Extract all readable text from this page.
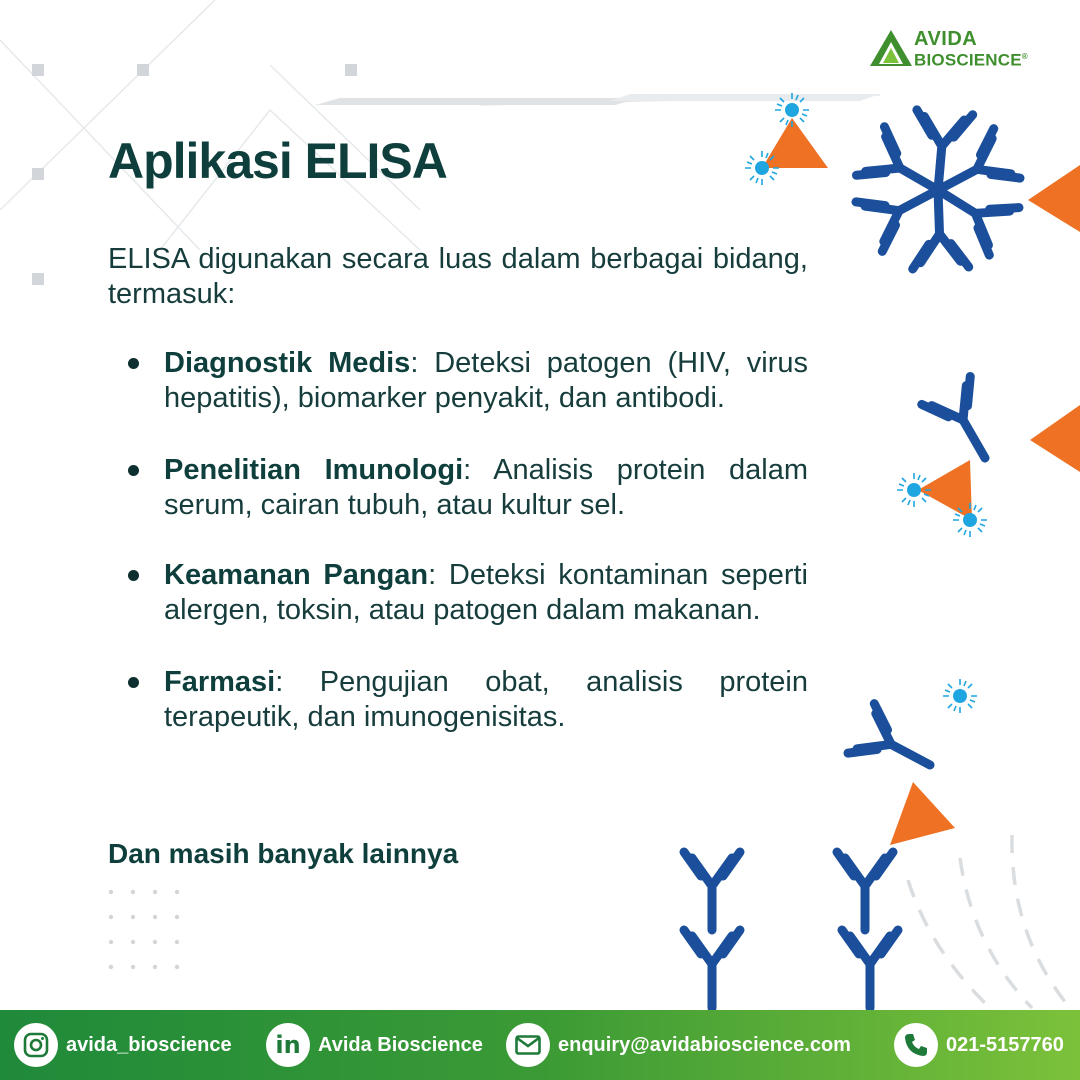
AVIDA
BIOSCIENCE®
Aplikasi ELISA

ELISA digunakan secara luas dalam berbagai bidang, termasuk:

Diagnostik Medis: Deteksi patogen (HIV, virus hepatitis), biomarker penyakit, dan antibodi.
Penelitian Imunologi: Analisis protein dalam serum, cairan tubuh, atau kultur sel.
Keamanan Pangan: Deteksi kontaminan seperti alergen, toksin, atau patogen dalam makanan.
Farmasi: Pengujian obat, analisis protein terapeutik, dan imunogenisitas.

Dan masih banyak lainnya

avida_bioscience in Avida Bioscience	enquiry@avidabioscience.com	021-5157760
